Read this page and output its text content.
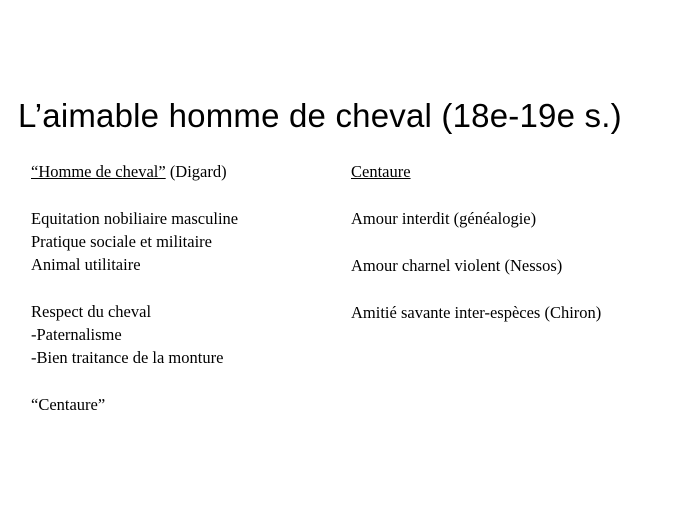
L’aimable homme de cheval (18e-19e s.)
“Homme de cheval” (Digard)
Equitation nobiliaire masculine
Pratique sociale et militaire
Animal utilitaire
Respect du cheval
-Paternalisme
-Bien traitance de la monture
“Centaure”
Centaure
Amour interdit (généalogie)
Amour charnel violent (Nessos)
Amitié savante inter-espèces (Chiron)
